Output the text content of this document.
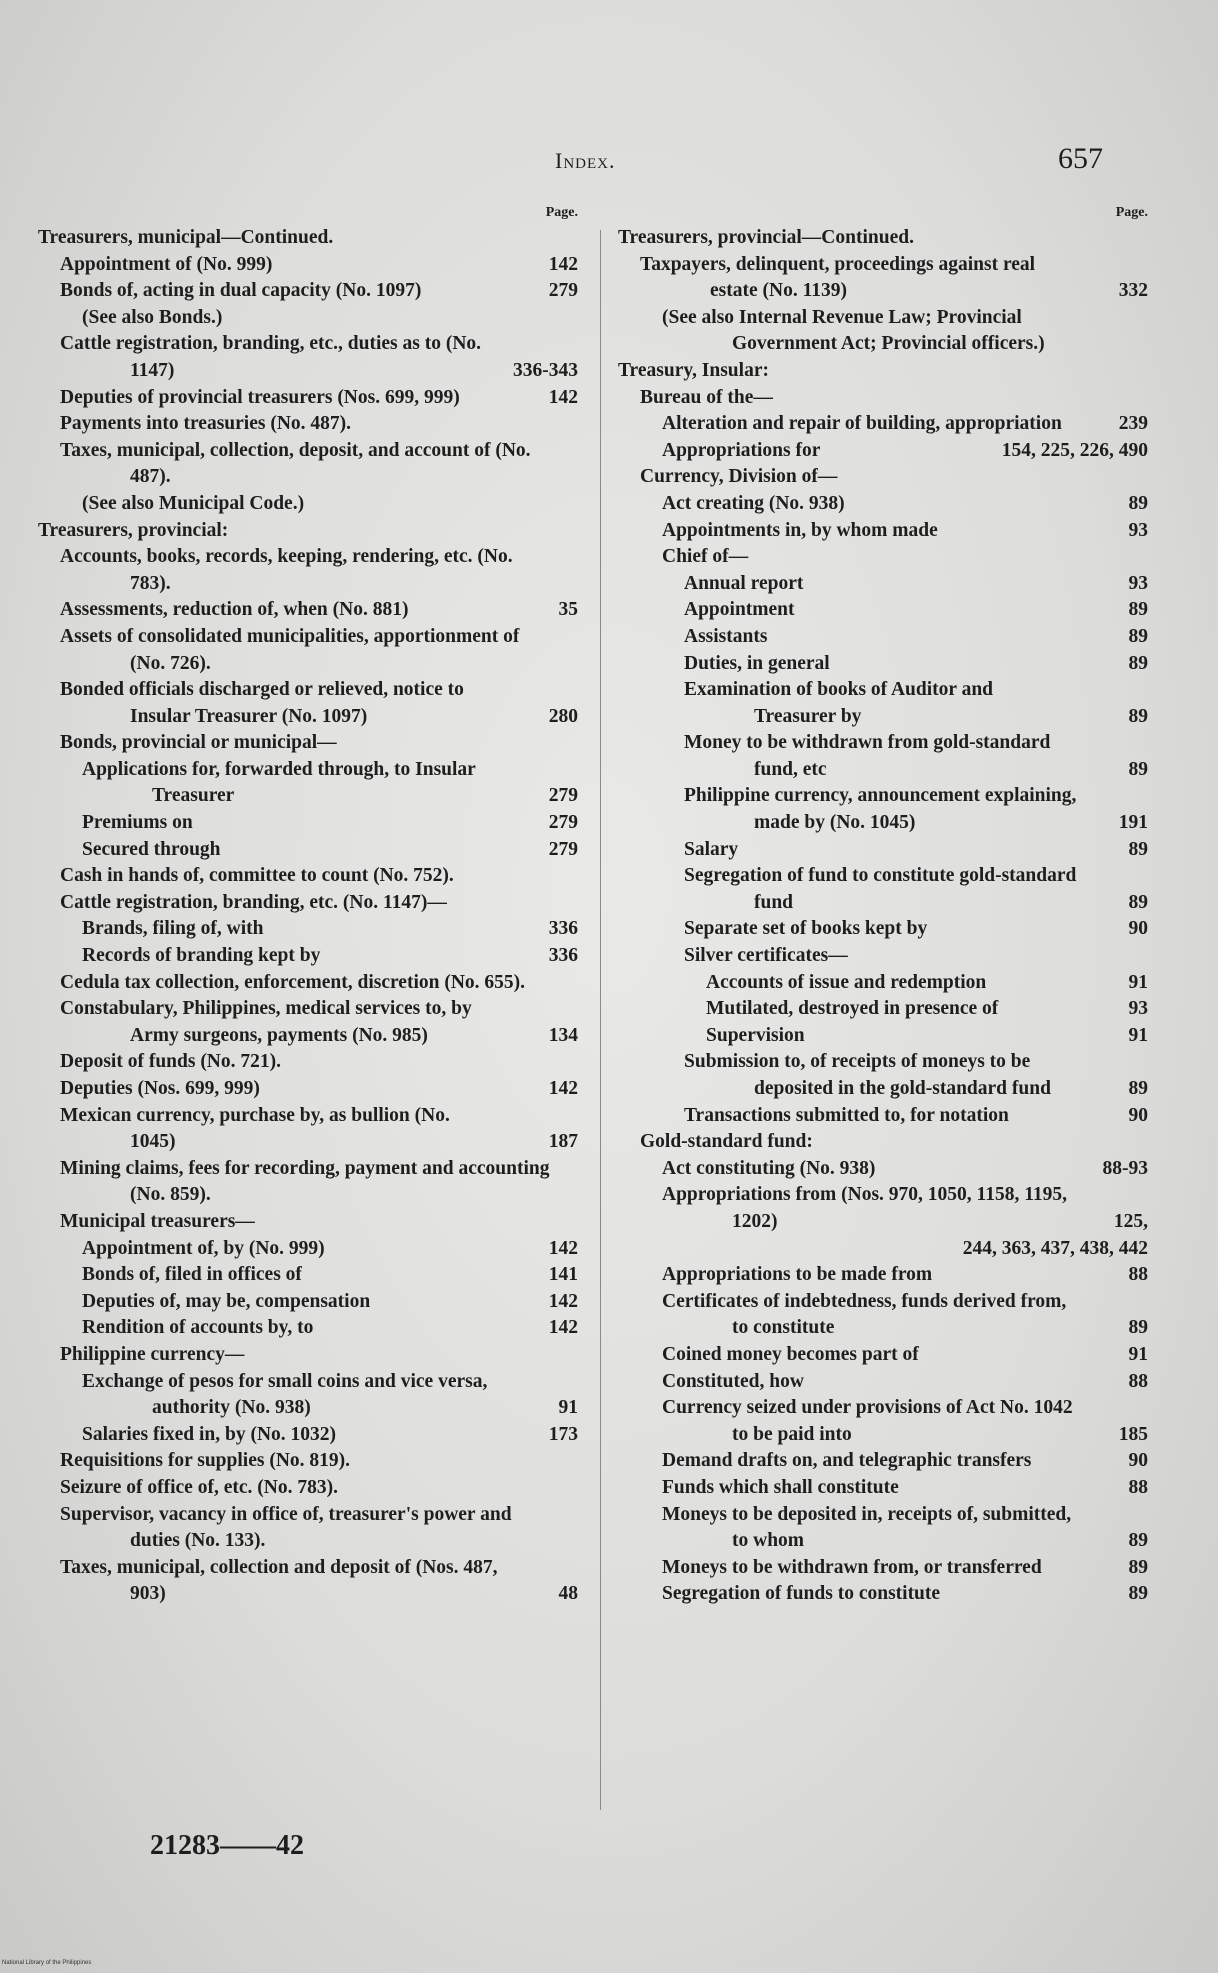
Index.	657
Page.
Treasurers, municipal—Continued.
Appointment of (No. 999)	142
Bonds of, acting in dual capacity (No. 1097)	279
(See also Bonds.)
Cattle registration, branding, etc., duties as to (No. 1147)	336-343
Deputies of provincial treasurers (Nos. 699, 999)	142
Payments into treasuries (No. 487).
Taxes, municipal, collection, deposit, and account of (No. 487).
(See also Municipal Code.)
Treasurers, provincial:
Accounts, books, records, keeping, rendering, etc. (No. 783).
Assessments, reduction of, when (No. 881)	35
Assets of consolidated municipalities, apportionment of (No. 726).
Bonded officials discharged or relieved, notice to Insular Treasurer (No. 1097)	280
Bonds, provincial or municipal—
Applications for, forwarded through, to Insular Treasurer	279
Premiums on	279
Secured through	279
Cash in hands of, committee to count (No. 752).
Cattle registration, branding, etc. (No. 1147)—
Brands, filing of, with	336
Records of branding kept by	336
Cedula tax collection, enforcement, discretion (No. 655).
Constabulary, Philippines, medical services to, by Army surgeons, payments (No. 985)	134
Deposit of funds (No. 721).
Deputies (Nos. 699, 999)	142
Mexican currency, purchase by, as bullion (No. 1045)	187
Mining claims, fees for recording, payment and accounting (No. 859).
Municipal treasurers—
Appointment of, by (No. 999)	142
Bonds of, filed in offices of	141
Deputies of, may be, compensation	142
Rendition of accounts by, to	142
Philippine currency—
Exchange of pesos for small coins and vice versa, authority (No. 938)	91
Salaries fixed in, by (No. 1032)	173
Requisitions for supplies (No. 819).
Seizure of office of, etc. (No. 783).
Supervisor, vacancy in office of, treasurer's power and duties (No. 133).
Taxes, municipal, collection and deposit of (Nos. 487, 903)	48
Page.
Treasurers, provincial—Continued.
Taxpayers, delinquent, proceedings against real estate (No. 1139)	332
(See also Internal Revenue Law; Provincial Government Act; Provincial officers.)
Treasury, Insular:
Bureau of the—
Alteration and repair of building, appropriation	239
Appropriations for	154, 225, 226, 490
Currency, Division of—
Act creating (No. 938)	89
Appointments in, by whom made	93
Chief of—
Annual report	93
Appointment	89
Assistants	89
Duties, in general	89
Examination of books of Auditor and Treasurer by	89
Money to be withdrawn from gold-standard fund, etc	89
Philippine currency, announcement explaining, made by (No. 1045)	191
Salary	89
Segregation of fund to constitute gold-standard fund	89
Separate set of books kept by	90
Silver certificates—
Accounts of issue and redemption	91
Mutilated, destroyed in presence of	93
Supervision	91
Submission to, of receipts of moneys to be deposited in the gold-standard fund	89
Transactions submitted to, for notation	90
Gold-standard fund:
Act constituting (No. 938)	88-93
Appropriations from (Nos. 970, 1050, 1158, 1195, 1202)	125,
244, 363, 437, 438, 442
Appropriations to be made from	88
Certificates of indebtedness, funds derived from, to constitute	89
Coined money becomes part of	91
Constituted, how	88
Currency seized under provisions of Act No. 1042 to be paid into	185
Demand drafts on, and telegraphic transfers	90
Funds which shall constitute	88
Moneys to be deposited in, receipts of, submitted, to whom	89
Moneys to be withdrawn from, or transferred	89
Segregation of funds to constitute	89
21283——42
National Library of the Philippines
